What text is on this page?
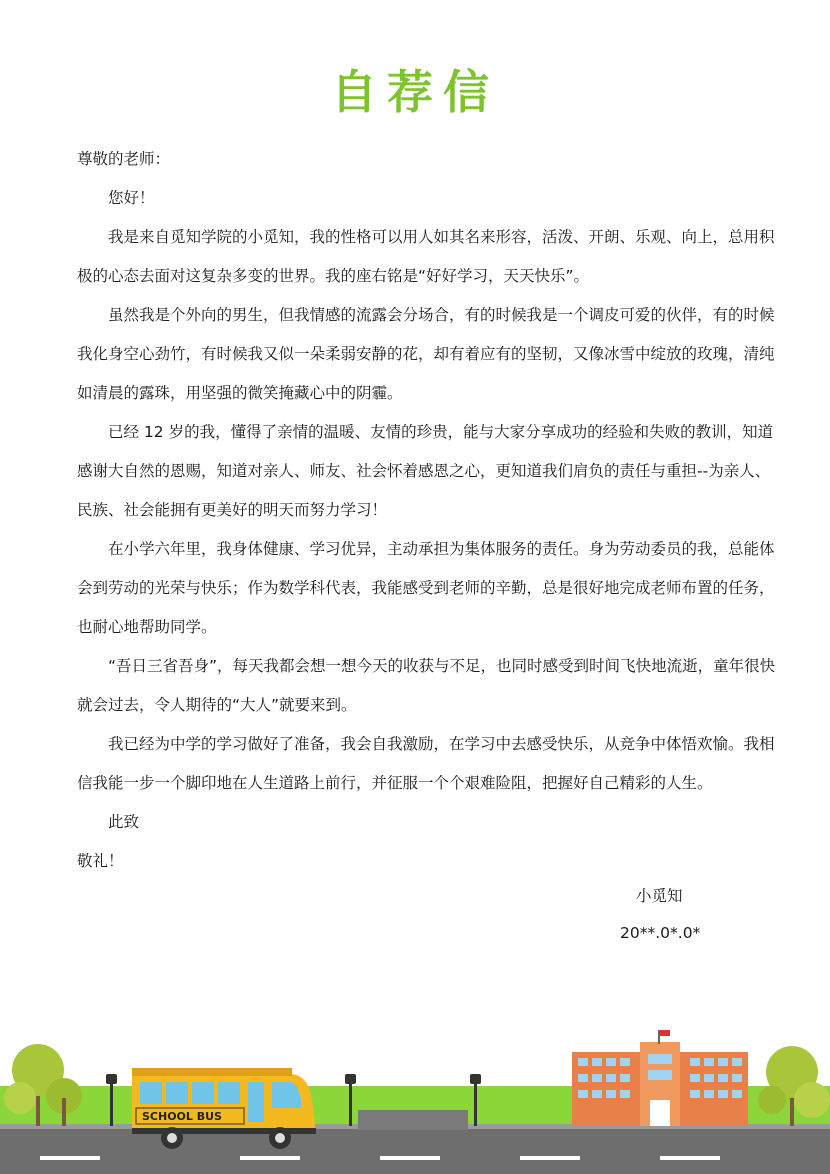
自荐信

尊敬的老师：

您好！

我是来自觅知学院的小觅知，我的性格可以用人如其名来形容，活泼、开朗、乐观、向上，总用积极的心态去面对这复杂多变的世界。我的座右铭是“好好学习，天天快乐”。

虽然我是个外向的男生，但我情感的流露会分场合，有的时候我是一个调皮可爱的伙伴，有的时候我化身空心劲竹，有时候我又似一朵柔弱安静的花，却有着应有的坚韧，又像冰雪中绽放的玫瑰，清纯如清晨的露珠，用坚强的微笑掩藏心中的阴霾。

已经 12 岁的我，懂得了亲情的温暖、友情的珍贵，能与大家分享成功的经验和失败的教训，知道感谢大自然的恩赐，知道对亲人、师友、社会怀着感恩之心，更知道我们肩负的责任与重担--为亲人、民族、社会能拥有更美好的明天而努力学习！

在小学六年里，我身体健康、学习优异，主动承担为集体服务的责任。身为劳动委员的我，总能体会到劳动的光荣与快乐；作为数学科代表，我能感受到老师的辛勤，总是很好地完成老师布置的任务，也耐心地帮助同学。

“吾日三省吾身”，每天我都会想一想今天的收获与不足，也同时感受到时间飞快地流逝，童年很快就会过去，令人期待的“大人”就要来到。

我已经为中学的学习做好了准备，我会自我激励，在学习中去感受快乐，从竞争中体悟欢愉。我相信我能一步一个脚印地在人生道路上前行，并征服一个个艰难险阻，把握好自己精彩的人生。

此致

敬礼！

小觅知
20**.0*.0*
SCHOOL BUS
